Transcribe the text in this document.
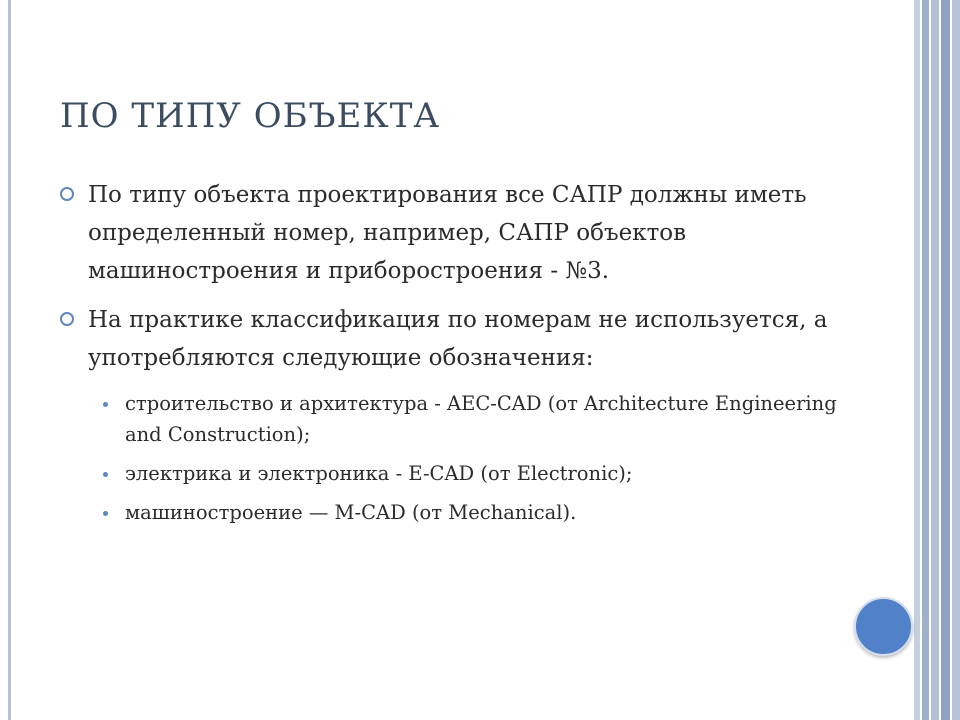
ПО ТИПУ ОБЪЕКТА
По типу объекта проектирования все САПР должны иметь определенный номер, например, САПР объектов машиностроения и приборостроения - №3.
На практике классификация по номерам не используется, а употребляются следующие обозначения:
строительство и архитектура - AEC-CAD (от Architecture Engineering and Construction);
электрика и электроника - E-CAD (от Electronic);
машиностроение — M-CAD (от Mechanical).
